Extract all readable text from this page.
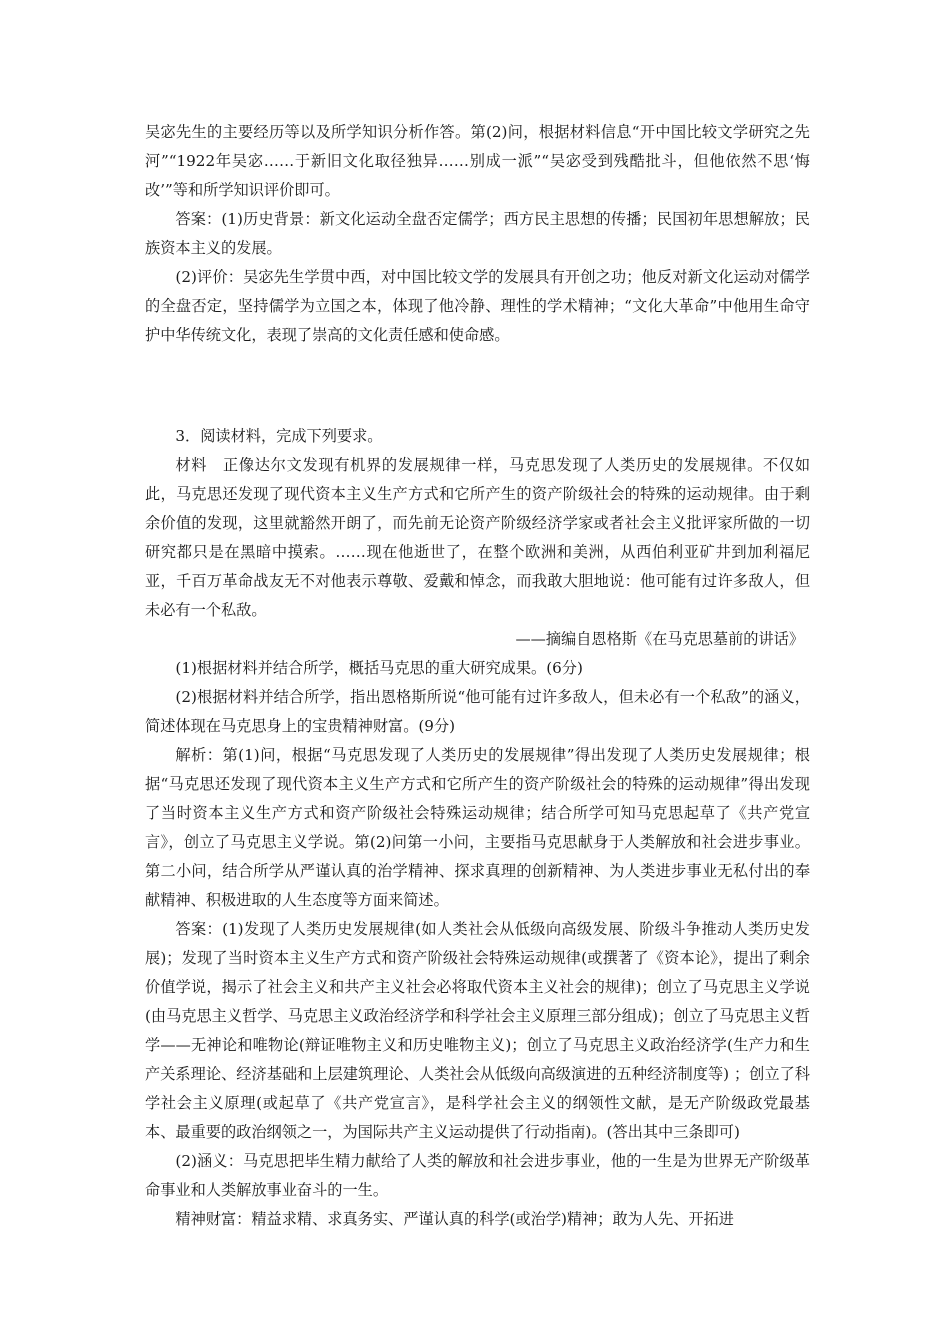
吴宓先生的主要经历等以及所学知识分析作答。第(2)问，根据材料信息“开中国比较文学研究之先河”“1922年吴宓……于新旧文化取径独异……别成一派”“吴宓受到残酷批斗，但他依然不思‘悔改’”等和所学知识评价即可。

答案：(1)历史背景：新文化运动全盘否定儒学；西方民主思想的传播；民国初年思想解放；民族资本主义的发展。

(2)评价：吴宓先生学贯中西，对中国比较文学的发展具有开创之功；他反对新文化运动对儒学的全盘否定，坚持儒学为立国之本，体现了他冷静、理性的学术精神；“文化大革命”中他用生命守护中华传统文化，表现了崇高的文化责任感和使命感。

3．阅读材料，完成下列要求。

材料　正像达尔文发现有机界的发展规律一样，马克思发现了人类历史的发展规律。不仅如此，马克思还发现了现代资本主义生产方式和它所产生的资产阶级社会的特殊的运动规律。由于剩余价值的发现，这里就豁然开朗了，而先前无论资产阶级经济学家或者社会主义批评家所做的一切研究都只是在黑暗中摸索。……现在他逝世了，在整个欧洲和美洲，从西伯利亚矿井到加利福尼亚，千百万革命战友无不对他表示尊敬、爱戴和悼念，而我敢大胆地说：他可能有过许多敌人，但未必有一个私敌。

——摘编自恩格斯《在马克思墓前的讲话》

(1)根据材料并结合所学，概括马克思的重大研究成果。(6分)

(2)根据材料并结合所学，指出恩格斯所说“他可能有过许多敌人，但未必有一个私敌”的涵义，简述体现在马克思身上的宝贵精神财富。(9分)

解析：第(1)问，根据“马克思发现了人类历史的发展规律”得出发现了人类历史发展规律；根据“马克思还发现了现代资本主义生产方式和它所产生的资产阶级社会的特殊的运动规律”得出发现了当时资本主义生产方式和资产阶级社会特殊运动规律；结合所学可知马克思起草了《共产党宣言》，创立了马克思主义学说。第(2)问第一小问，主要指马克思献身于人类解放和社会进步事业。第二小问，结合所学从严谨认真的治学精神、探求真理的创新精神、为人类进步事业无私付出的奉献精神、积极进取的人生态度等方面来简述。

答案：(1)发现了人类历史发展规律(如人类社会从低级向高级发展、阶级斗争推动人类历史发展)；发现了当时资本主义生产方式和资产阶级社会特殊运动规律(或撰著了《资本论》，提出了剩余价值学说，揭示了社会主义和共产主义社会必将取代资本主义社会的规律)；创立了马克思主义学说(由马克思主义哲学、马克思主义政治经济学和科学社会主义原理三部分组成)；创立了马克思主义哲学——无神论和唯物论(辩证唯物主义和历史唯物主义)；创立了马克思主义政治经济学(生产力和生产关系理论、经济基础和上层建筑理论、人类社会从低级向高级演进的五种经济制度等) ；创立了科学社会主义原理(或起草了《共产党宣言》，是科学社会主义的纲领性文献，是无产阶级政党最基本、最重要的政治纲领之一，为国际共产主义运动提供了行动指南)。(答出其中三条即可)

(2)涵义：马克思把毕生精力献给了人类的解放和社会进步事业，他的一生是为世界无产阶级革命事业和人类解放事业奋斗的一生。

精神财富：精益求精、求真务实、严谨认真的科学(或治学)精神；敢为人先、开拓进
